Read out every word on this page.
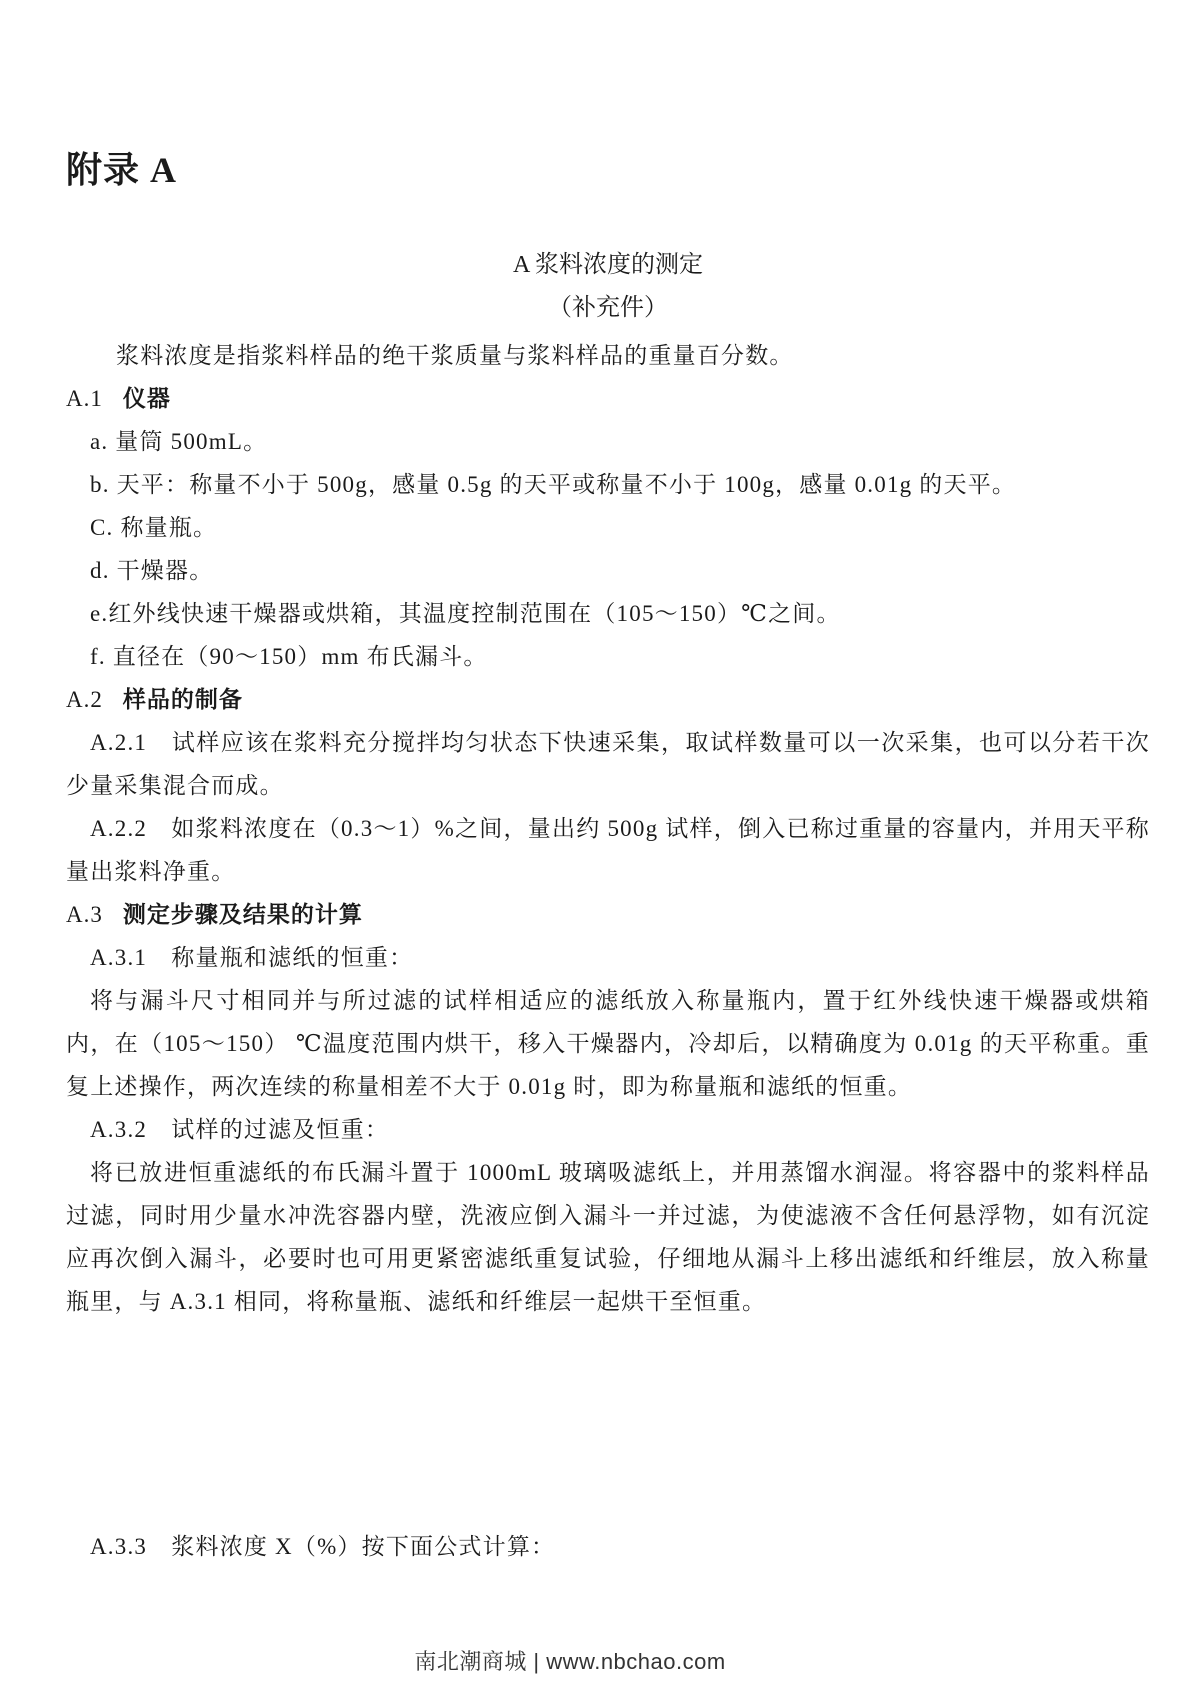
附录 A
A 浆料浓度的测定
（补充件）

浆料浓度是指浆料样品的绝干浆质量与浆料样品的重量百分数。

A.1 仪器

a. 量筒 500mL。

b. 天平：称量不小于 500g，感量 0.5g 的天平或称量不小于 100g，感量 0.01g 的天平。

C. 称量瓶。

d. 干燥器。

e.红外线快速干燥器或烘箱，其温度控制范围在（105～150）℃之间。

f. 直径在（90～150）mm 布氏漏斗。

A.2 样品的制备

A.2.1　试样应该在浆料充分搅拌均匀状态下快速采集，取试样数量可以一次采集，也可以分若干次少量采集混合而成。

A.2.2　如浆料浓度在（0.3～1）%之间，量出约 500g 试样，倒入已称过重量的容量内，并用天平称量出浆料净重。

A.3 测定步骤及结果的计算

A.3.1　称量瓶和滤纸的恒重：

将与漏斗尺寸相同并与所过滤的试样相适应的滤纸放入称量瓶内，置于红外线快速干燥器或烘箱内，在（105～150） ℃温度范围内烘干，移入干燥器内，冷却后，以精确度为 0.01g 的天平称重。重复上述操作，两次连续的称量相差不大于 0.01g 时，即为称量瓶和滤纸的恒重。

A.3.2　试样的过滤及恒重：

将已放进恒重滤纸的布氏漏斗置于 1000mL 玻璃吸滤纸上，并用蒸馏水润湿。将容器中的浆料样品过滤，同时用少量水冲洗容器内壁，洗液应倒入漏斗一并过滤，为使滤液不含任何悬浮物，如有沉淀应再次倒入漏斗，必要时也可用更紧密滤纸重复试验，仔细地从漏斗上移出滤纸和纤维层，放入称量瓶里，与 A.3.1 相同，将称量瓶、滤纸和纤维层一起烘干至恒重。

A.3.3　浆料浓度 X（%）按下面公式计算：

南北潮商城 | www.nbchao.com
